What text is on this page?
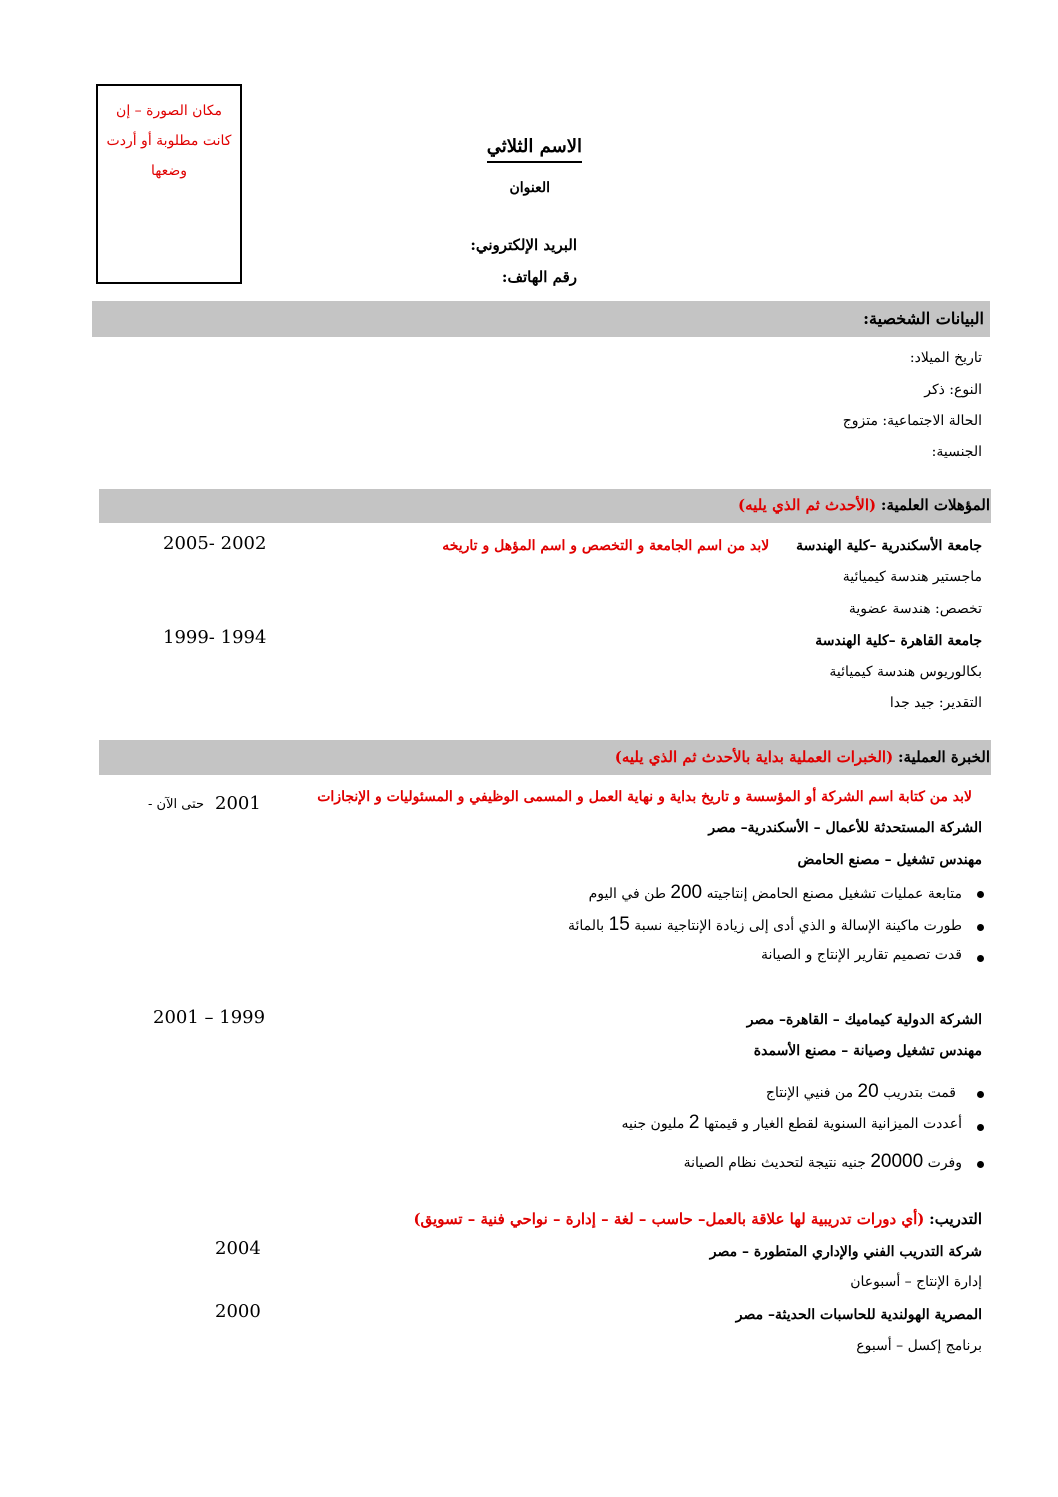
مكان الصورة – إن كانت مطلوبة أو أردت وضعها
الاسم الثلاثي
العنوان
البريد الإلكتروني:
رقم الهاتف:
البيانات الشخصية:
تاريخ الميلاد:
النوع: ذكر
الحالة الاجتماعية: متزوج
الجنسية:
المؤهلات العلمية: (الأحدث ثم الذي يليه)
جامعة الأسكندرية –كلية الهندسة  لابد من اسم الجامعة و التخصص و اسم المؤهل و تاريخه
2005- 2002
ماجستير هندسة كيميائية
تخصص: هندسة عضوية
جامعة القاهرة –كلية الهندسة
1999- 1994
بكالوريوس هندسة كيميائية
التقدير: جيد جدا
الخبرة العملية: (الخبرات العملية بداية بالأحدث ثم الذي يليه)
لابد من كتابة اسم الشركة أو المؤسسة و تاريخ بداية و نهاية العمل و المسمى الوظيفي و المسئوليات و الإنجازات
- حتى الآن 2001
الشركة المستحدثة للأعمال – الأسكندرية– مصر
مهندس تشغيل – مصنع الحامض
متابعة عمليات تشغيل مصنع الحامض إنتاجيته 200 طن في اليوم
طورت ماكينة الإسالة و الذي أدى إلى زيادة الإنتاجية نسبة 15 بالمائة
قدت تصميم تقارير الإنتاج و الصيانة
2001 – 1999	الشركة الدولية كيماميك – القاهرة– مصر
مهندس تشغيل وصيانة – مصنع الأسمدة
قمت بتدريب 20 من فنيي الإنتاج
أعددت الميزانية السنوية لقطع الغيار و قيمتها 2 مليون جنيه
وفرت 20000 جنيه نتيجة لتحديث نظام الصيانة
التدريب: (أي دورات تدريبية لها علاقة بالعمل– حاسب – لغة – إدارة – نواحي فنية – تسويق)
شركة التدريب الفني والإداري المتطورة – مصر
2004
إدارة الإنتاج – أسبوعان
المصرية الهولندية للحاسبات الحديثة– مصر
2000
برنامج إكسل – أسبوع
